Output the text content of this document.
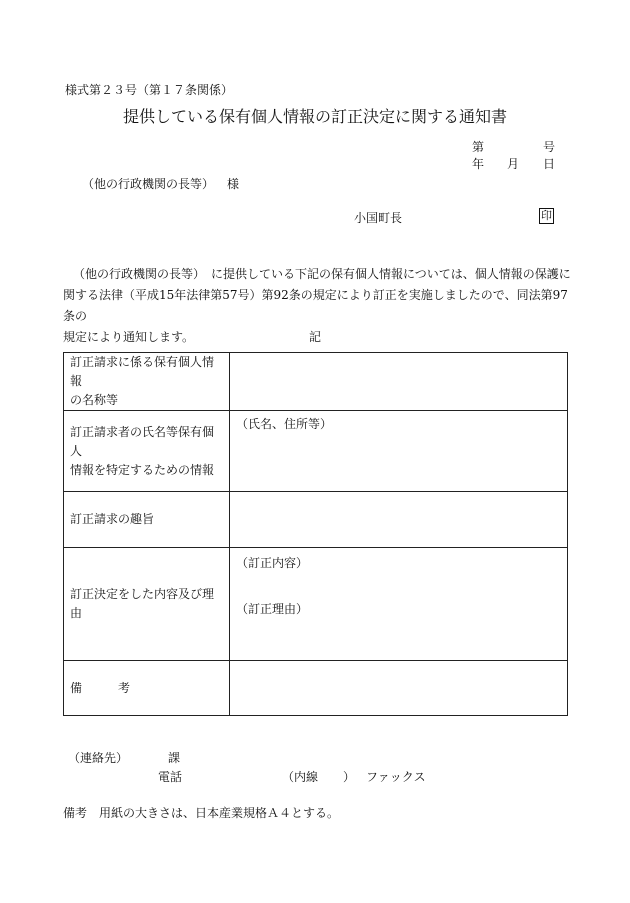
様式第２３号（第１７条関係）
提供している保有個人情報の訂正決定に関する通知書
第	号
年 月 日
（他の行政機関の長等） 様
小国町長	印

（他の行政機関の長等）　に提供している下記の保有個人情報については、個人情報の保護に

関する法律（平成15年法律第57号）第92条の規定により訂正を実施しましたので、同法第97条の

規定により通知します。	記
訂正請求に係る保有個人情報
の名称等	

訂正請求者の氏名等保有個人
情報を特定するための情報	（氏名、住所等）

訂正請求の趣旨	

訂正決定をした内容及び理由	（訂正内容）
（訂正理由）

備　　　考	

（連絡先）	課
電話	（内線 ） ファックス
備考　用紙の大きさは、日本産業規格Ａ４とする。
